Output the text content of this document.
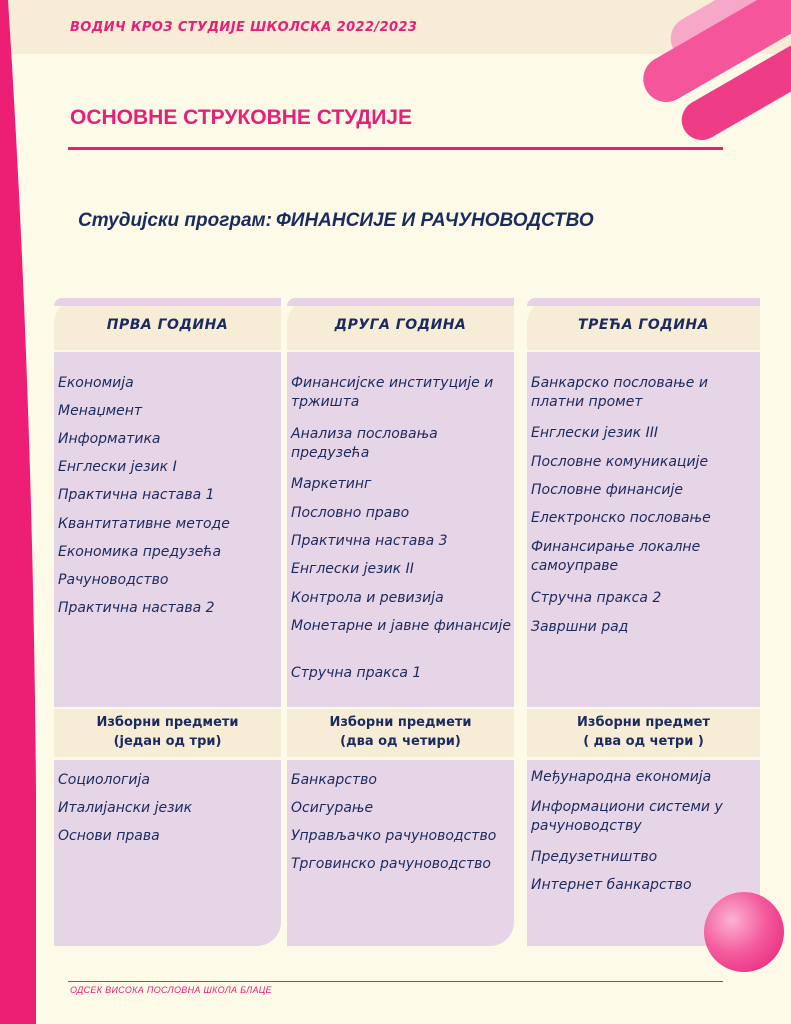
ВОДИЧ КРОЗ СТУДИЈЕ ШКОЛСКА 2022/2023
ОСНОВНЕ СТРУКОВНЕ СТУДИЈЕ
Студијски програм: ФИНАНСИЈЕ И РАЧУНОВОДСТВО
ПРВА ГОДИНА
Економија
Менаџмент
Информатика
Енглески језик I
Практична настава 1
Квантитативне методе
Економика предузећа
Рачуноводство
Практична настава 2
Изборни предмети
(један од три)
Социологија
Италијански језик
Основи права
ДРУГА ГОДИНА
Финансијске институције и тржишта
Анализа пословања предузећа
Маркетинг
Пословно право
Практична настава 3
Енглески језик II
Контрола и ревизија
Монетарне и јавне финансије
Стручна пракса 1
Изборни предмети
(два од четири)
Банкарство
Осигурање
Управљачко рачуноводство
Трговинско рачуноводство
ТРЕЋА ГОДИНА
Банкарско пословање и платни промет
Енглески језик III
Пословне комуникације
Пословне финансије
Електронско пословање
Финансирање локалне самоуправе
Стручна пракса 2
Завршни рад
Изборни предмет
( два од четри )
Међународна економија
Информациони системи у рачуноводству
Предузетништво
Интернет банкарство
ОДСЕК ВИСОКА ПОСЛОВНА ШКОЛА БЛАЦЕ
